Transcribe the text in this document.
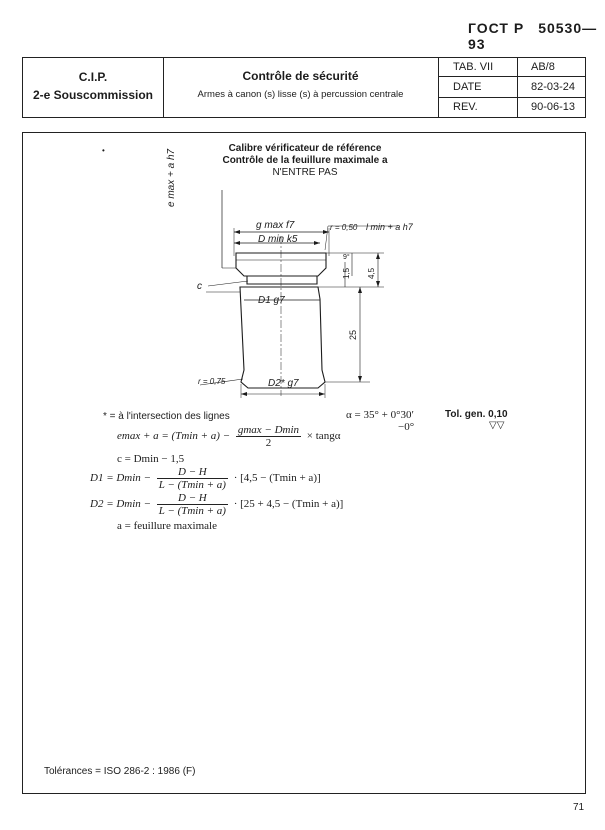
ГОСТ Р 50530—93
C.I.P.
2-e Souscommission
Contrôle de sécurité
Armes à canon (s) lisse (s) à percussion centrale
TAB. VII	AB/8
DATE	82-03-24
REV.	90-06-13
Calibre vérificateur de référence
Contrôle de la feuillure maximale a
N'ENTRE PAS
•	e max + a h7
g max f7
D min k5
r = 0,50 l min + a h7
c
D1 g7
D2* g7
r = 0,75
1,5
9°
4,5
25
* = à l'intersection des lignes	α = 35° + 0°30′
−0°
Tol. gen. 0,10
▽▽
$emax + a = (Tmin + a) - \frac{gmax - Dmin}{2} \times \tan g\alpha$
c = Dmin − 1,5
$D1 = Dmin - \frac{D - H}{L - (Tmin + a)} \cdot [4,5 - (Tmin + a)]$
$D2 = Dmin - \frac{D - H}{L - (Tmin + a)} \cdot [25 + 4,5 - (Tmin + a)]$
a = feuillure maximale
Tolérances = ISO 286-2 : 1986 (F)
71
